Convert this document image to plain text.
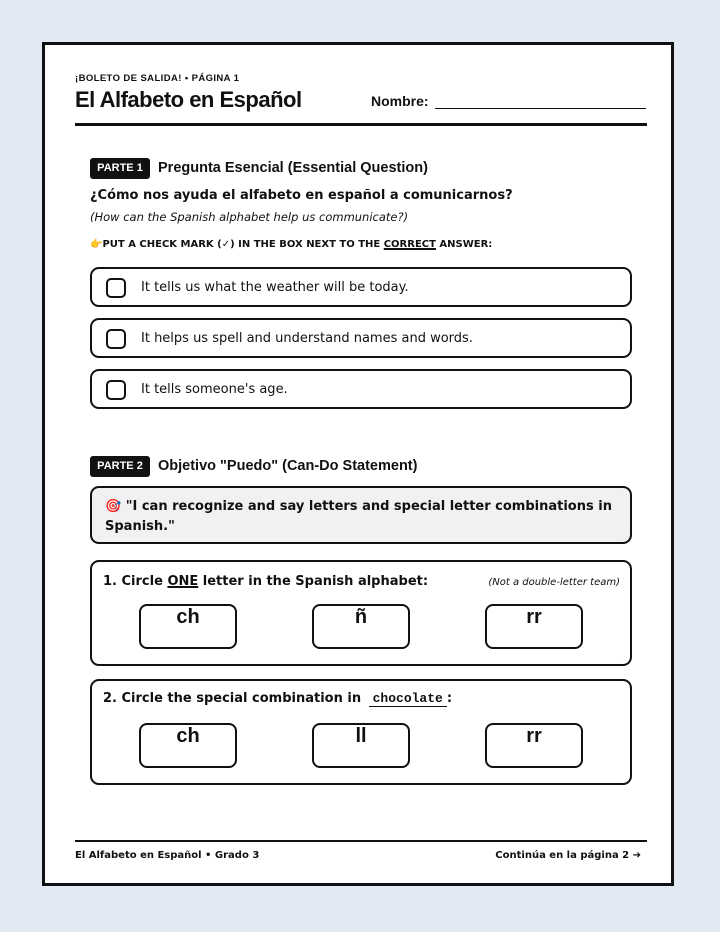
¡BOLETO DE SALIDA! • PÁGINA 1
El Alfabeto en Español	Nombre:
PARTE 1	Pregunta Esencial (Essential Question)
¿Cómo nos ayuda el alfabeto en español a comunicarnos?
(How can the Spanish alphabet help us communicate?)
👉PUT A CHECK MARK (✓) IN THE BOX NEXT TO THE CORRECT ANSWER:
It tells us what the weather will be today.
It helps us spell and understand names and words.
It tells someone's age.
PARTE 2	Objetivo "Puedo" (Can-Do Statement)
🎯 "I can recognize and say letters and special letter combinations in Spanish."
1. Circle ONE letter in the Spanish alphabet:	(Not a double-letter team)
ch	ñ	rr
2. Circle the special combination in chocolate :
ch	ll	rr
El Alfabeto en Español • Grado 3	Continúa en la página 2 ➔
